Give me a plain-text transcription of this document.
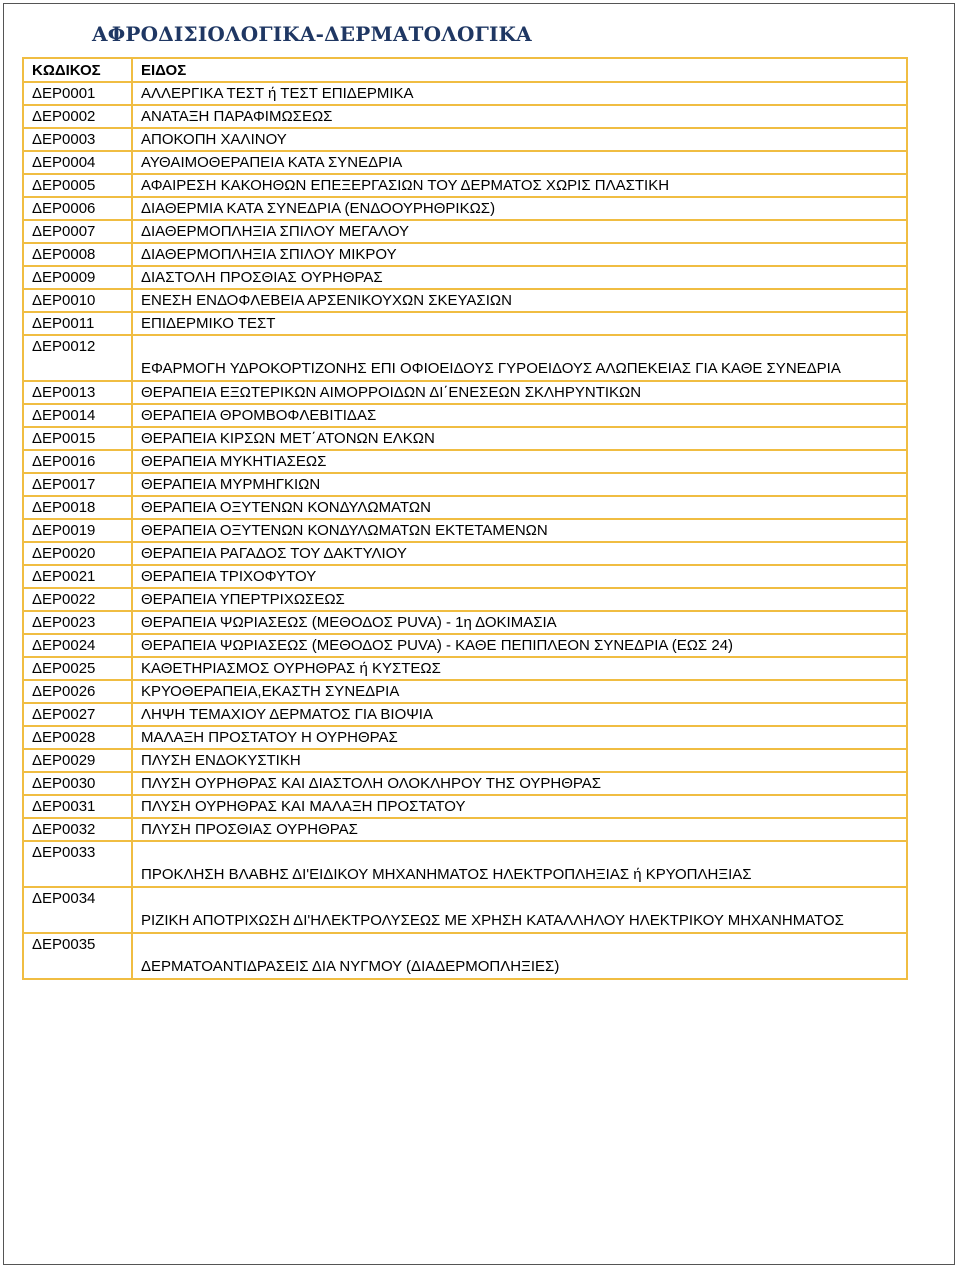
ΑΦΡΟΔΙΣΙΟΛΟΓΙΚΑ-ΔΕΡΜΑΤΟΛΟΓΙΚΑ
ΚΩΔΙΚΟΣ	ΕΙΔΟΣ
ΔΕΡ0001	ΑΛΛΕΡΓΙΚΑ ΤΕΣΤ ή ΤΕΣΤ ΕΠΙΔΕΡΜΙΚΑ
ΔΕΡ0002	ΑΝΑΤΑΞΗ ΠΑΡΑΦΙΜΩΣΕΩΣ
ΔΕΡ0003	ΑΠΟΚΟΠΗ ΧΑΛΙΝΟΥ
ΔΕΡ0004	ΑΥΘΑΙΜΟΘΕΡΑΠΕΙΑ ΚΑΤΑ ΣΥΝΕΔΡΙΑ
ΔΕΡ0005	ΑΦΑΙΡΕΣΗ ΚΑΚΟΗΘΩΝ ΕΠΕΞΕΡΓΑΣΙΩΝ ΤΟΥ ΔΕΡΜΑΤΟΣ ΧΩΡΙΣ ΠΛΑΣΤΙΚΗ
ΔΕΡ0006	ΔΙΑΘΕΡΜΙΑ ΚΑΤΑ ΣΥΝΕΔΡΙΑ (ΕΝΔΟΟΥΡΗΘΡΙΚΩΣ)
ΔΕΡ0007	ΔΙΑΘΕΡΜΟΠΛΗΞΙΑ ΣΠΙΛΟΥ ΜΕΓΑΛΟΥ
ΔΕΡ0008	ΔΙΑΘΕΡΜΟΠΛΗΞΙΑ ΣΠΙΛΟΥ ΜΙΚΡΟΥ
ΔΕΡ0009	ΔΙΑΣΤΟΛΗ ΠΡΟΣΘΙΑΣ ΟΥΡΗΘΡΑΣ
ΔΕΡ0010	ΕΝΕΣΗ ΕΝΔΟΦΛΕΒΕΙΑ ΑΡΣΕΝΙΚΟΥΧΩΝ ΣΚΕΥΑΣΙΩΝ
ΔΕΡ0011	ΕΠΙΔΕΡΜΙΚΟ ΤΕΣΤ
ΔΕΡ0012	ΕΦΑΡΜΟΓΗ ΥΔΡΟΚΟΡΤΙΖΟΝΗΣ ΕΠΙ ΟΦΙΟΕΙΔΟΥΣ ΓΥΡΟΕΙΔΟΥΣ ΑΛΩΠΕΚΕΙΑΣ ΓΙΑ ΚΑΘΕ ΣΥΝΕΔΡΙΑ
ΔΕΡ0013	ΘΕΡΑΠΕΙΑ ΕΞΩΤΕΡΙΚΩΝ ΑΙΜΟΡΡΟΙΔΩΝ ΔΙ΄ΕΝΕΣΕΩΝ ΣΚΛΗΡΥΝΤΙΚΩΝ
ΔΕΡ0014	ΘΕΡΑΠΕΙΑ ΘΡΟΜΒΟΦΛΕΒΙΤΙΔΑΣ
ΔΕΡ0015	ΘΕΡΑΠΕΙΑ ΚΙΡΣΩΝ ΜΕΤ΄ΑΤΟΝΩΝ ΕΛΚΩΝ
ΔΕΡ0016	ΘΕΡΑΠΕΙΑ ΜΥΚΗΤΙΑΣΕΩΣ
ΔΕΡ0017	ΘΕΡΑΠΕΙΑ ΜΥΡΜΗΓΚΙΩΝ
ΔΕΡ0018	ΘΕΡΑΠΕΙΑ ΟΞΥΤΕΝΩΝ ΚΟΝΔΥΛΩΜΑΤΩΝ
ΔΕΡ0019	ΘΕΡΑΠΕΙΑ ΟΞΥΤΕΝΩΝ ΚΟΝΔΥΛΩΜΑΤΩΝ ΕΚΤΕΤΑΜΕΝΩΝ
ΔΕΡ0020	ΘΕΡΑΠΕΙΑ ΡΑΓΑΔΟΣ ΤΟΥ ΔΑΚΤΥΛΙΟΥ
ΔΕΡ0021	ΘΕΡΑΠΕΙΑ ΤΡΙΧΟΦΥΤΟΥ
ΔΕΡ0022	ΘΕΡΑΠΕΙΑ ΥΠΕΡΤΡΙΧΩΣΕΩΣ
ΔΕΡ0023	ΘΕΡΑΠΕΙΑ ΨΩΡΙΑΣΕΩΣ (ΜΕΘΟΔΟΣ PUVA) - 1η ΔΟΚΙΜΑΣΙΑ
ΔΕΡ0024	ΘΕΡΑΠΕΙΑ ΨΩΡΙΑΣΕΩΣ (ΜΕΘΟΔΟΣ PUVA) - ΚΑΘΕ ΠΕΠΙΠΛΕΟΝ ΣΥΝΕΔΡΙΑ (ΕΩΣ 24)
ΔΕΡ0025	ΚΑΘΕΤΗΡΙΑΣΜΟΣ ΟΥΡΗΘΡΑΣ ή ΚΥΣΤΕΩΣ
ΔΕΡ0026	ΚΡΥΟΘΕΡΑΠΕΙΑ,ΕΚΑΣΤΗ ΣΥΝΕΔΡΙΑ
ΔΕΡ0027	ΛΗΨΗ ΤΕΜΑΧΙΟΥ ΔΕΡΜΑΤΟΣ ΓΙΑ ΒΙΟΨΙΑ
ΔΕΡ0028	ΜΑΛΑΞΗ ΠΡΟΣΤΑΤΟΥ Η ΟΥΡΗΘΡΑΣ
ΔΕΡ0029	ΠΛΥΣΗ ΕΝΔΟΚΥΣΤΙΚΗ
ΔΕΡ0030	ΠΛΥΣΗ ΟΥΡΗΘΡΑΣ ΚΑΙ ΔΙΑΣΤΟΛΗ ΟΛΟΚΛΗΡΟΥ ΤΗΣ ΟΥΡΗΘΡΑΣ
ΔΕΡ0031	ΠΛΥΣΗ ΟΥΡΗΘΡΑΣ ΚΑΙ ΜΑΛΑΞΗ ΠΡΟΣΤΑΤΟΥ
ΔΕΡ0032	ΠΛΥΣΗ ΠΡΟΣΘΙΑΣ ΟΥΡΗΘΡΑΣ
ΔΕΡ0033	ΠΡΟΚΛΗΣΗ ΒΛΑΒΗΣ ΔΙ'ΕΙΔΙΚΟΥ ΜΗΧΑΝΗΜΑΤΟΣ ΗΛΕΚΤΡΟΠΛΗΞΙΑΣ ή ΚΡΥΟΠΛΗΞΙΑΣ
ΔΕΡ0034	ΡΙΖΙΚΗ ΑΠΟΤΡΙΧΩΣΗ ΔΙ'ΗΛΕΚΤΡΟΛΥΣΕΩΣ ΜΕ ΧΡΗΣΗ ΚΑΤΑΛΛΗΛΟΥ ΗΛΕΚΤΡΙΚΟΥ ΜΗΧΑΝΗΜΑΤΟΣ
ΔΕΡ0035	ΔΕΡΜΑΤΟΑΝΤΙΔΡΑΣΕΙΣ ΔΙΑ ΝΥΓΜΟΥ (ΔΙΑΔΕΡΜΟΠΛΗΞΙΕΣ)
